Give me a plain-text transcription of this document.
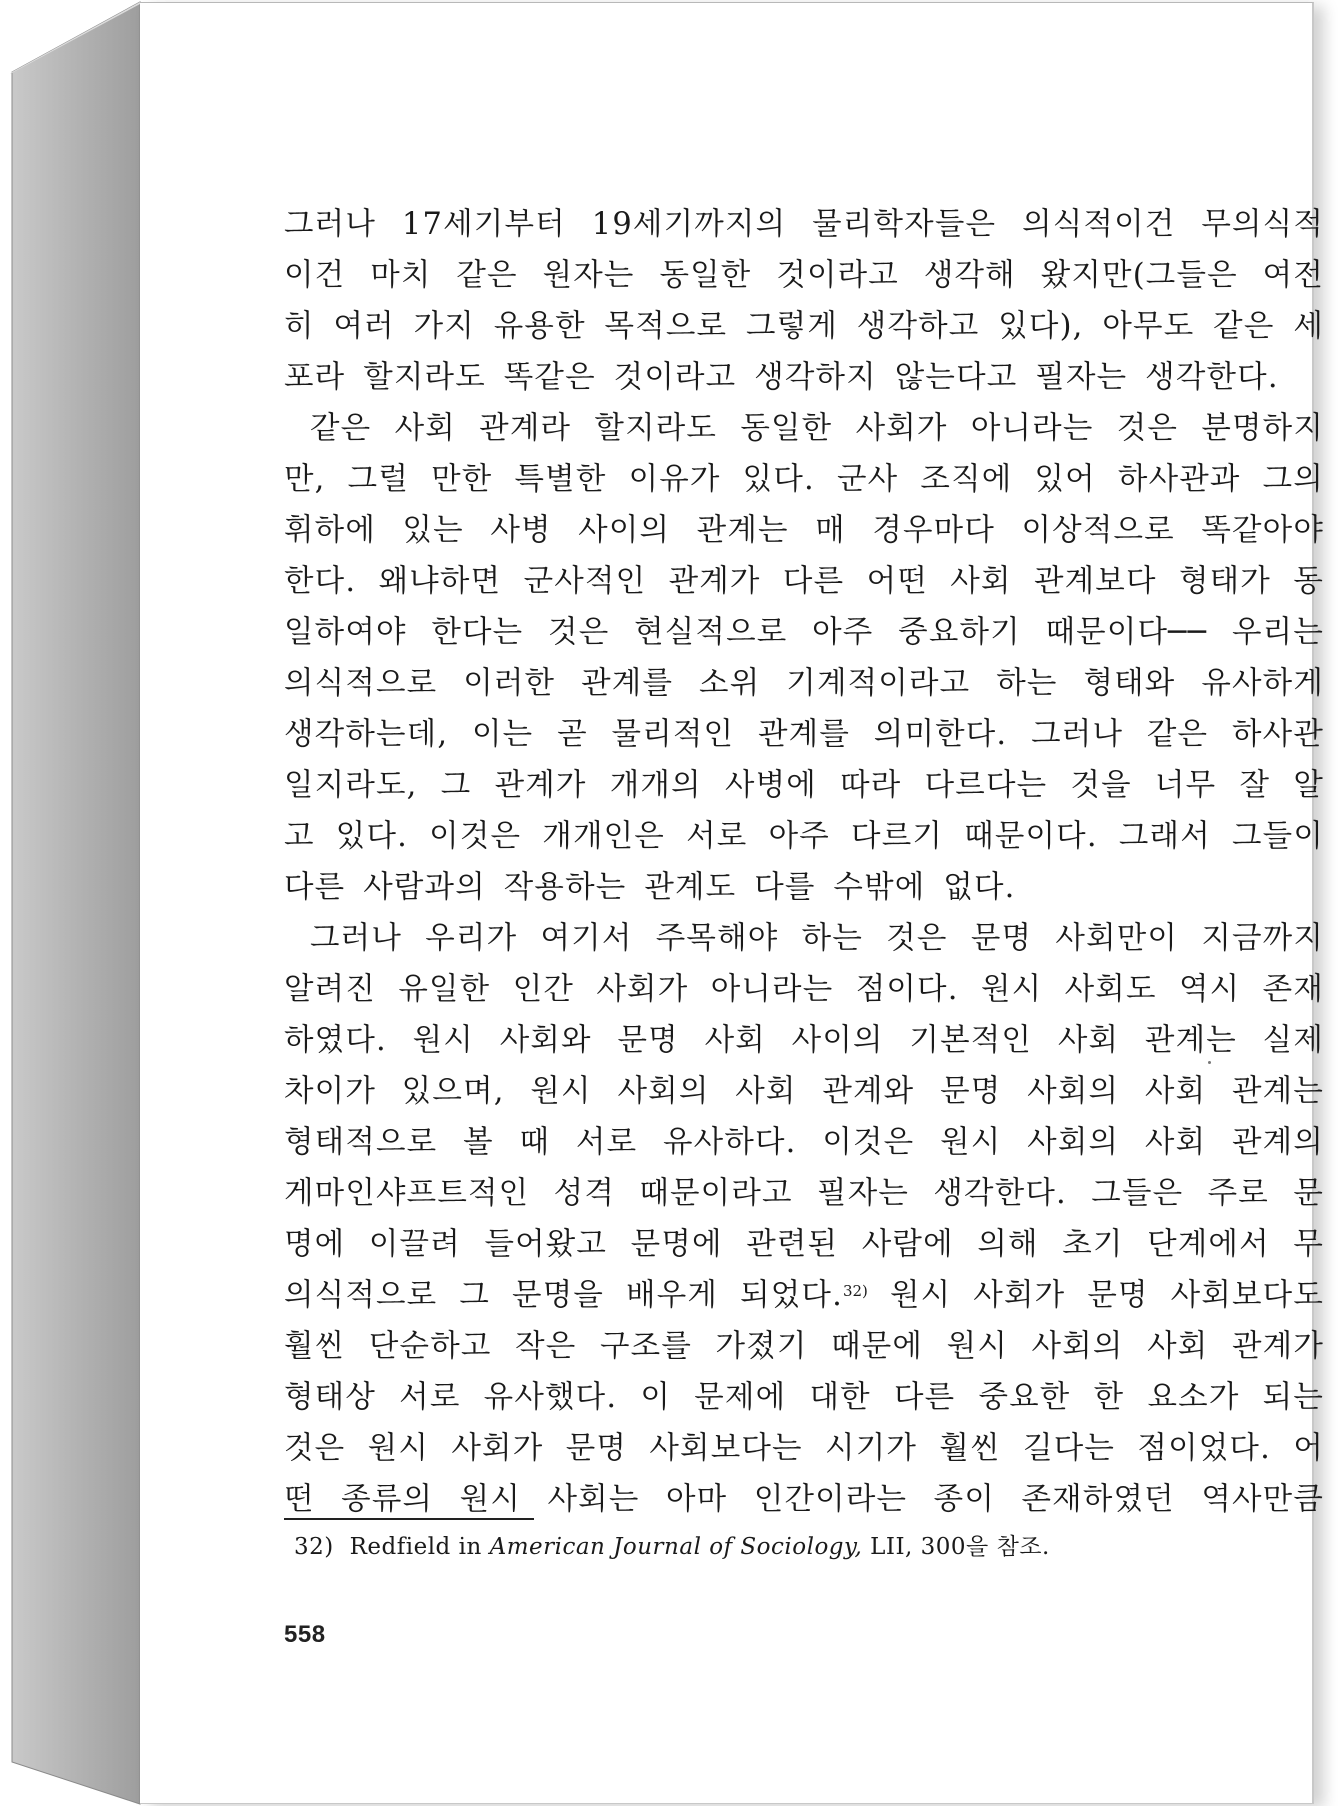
그러나 17세기부터 19세기까지의 물리학자들은 의식적이건 무의식적
이건 마치 같은 원자는 동일한 것이라고 생각해 왔지만(그들은 여전
히 여러 가지 유용한 목적으로 그렇게 생각하고 있다), 아무도 같은 세
포라 할지라도 똑같은 것이라고 생각하지 않는다고 필자는 생각한다.
같은 사회 관계라 할지라도 동일한 사회가 아니라는 것은 분명하지
만, 그럴 만한 특별한 이유가 있다. 군사 조직에 있어 하사관과 그의
휘하에 있는 사병 사이의 관계는 매 경우마다 이상적으로 똑같아야
한다. 왜냐하면 군사적인 관계가 다른 어떤 사회 관계보다 형태가 동
일하여야 한다는 것은 현실적으로 아주 중요하기 때문이다── 우리는
의식적으로 이러한 관계를 소위 기계적이라고 하는 형태와 유사하게
생각하는데, 이는 곧 물리적인 관계를 의미한다. 그러나 같은 하사관
일지라도, 그 관계가 개개의 사병에 따라 다르다는 것을 너무 잘 알
고 있다. 이것은 개개인은 서로 아주 다르기 때문이다. 그래서 그들이
다른 사람과의 작용하는 관계도 다를 수밖에 없다.
그러나 우리가 여기서 주목해야 하는 것은 문명 사회만이 지금까지
알려진 유일한 인간 사회가 아니라는 점이다. 원시 사회도 역시 존재
하였다. 원시 사회와 문명 사회 사이의 기본적인 사회 관계는 실제
차이가 있으며, 원시 사회의 사회 관계와 문명 사회의 사회 관계는
형태적으로 볼 때 서로 유사하다. 이것은 원시 사회의 사회 관계의
게마인샤프트적인 성격 때문이라고 필자는 생각한다. 그들은 주로 문
명에 이끌려 들어왔고 문명에 관련된 사람에 의해 초기 단계에서 무
의식적으로 그 문명을 배우게 되었다.$^{32)}$ 원시 사회가 문명 사회보다도
훨씬 단순하고 작은 구조를 가졌기 때문에 원시 사회의 사회 관계가
형태상 서로 유사했다. 이 문제에 대한 다른 중요한 한 요소가 되는
것은 원시 사회가 문명 사회보다는 시기가 훨씬 길다는 점이었다. 어
떤 종류의 원시 사회는 아마 인간이라는 종이 존재하였던 역사만큼
32) Redfield in American Journal of Sociology, LII, 300을 참조.
558
